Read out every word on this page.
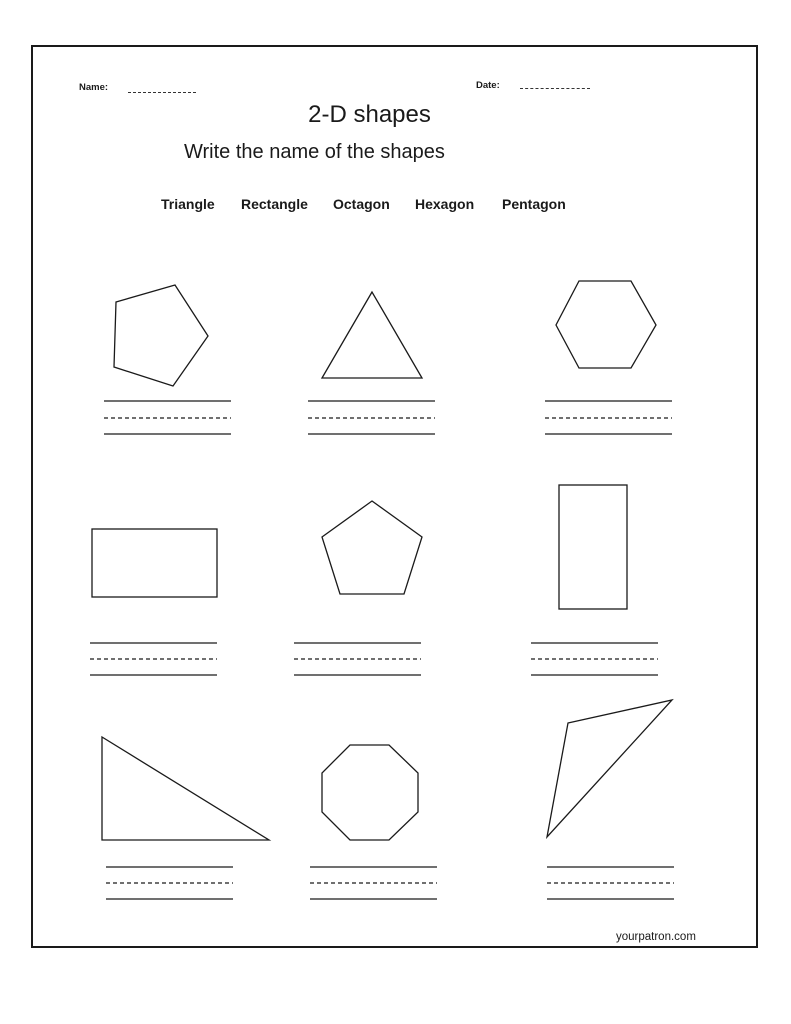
Name:	Date:
2-D shapes
Write the name of the shapes
Triangle Rectangle Octagon Hexagon Pentagon
yourpatron.com
